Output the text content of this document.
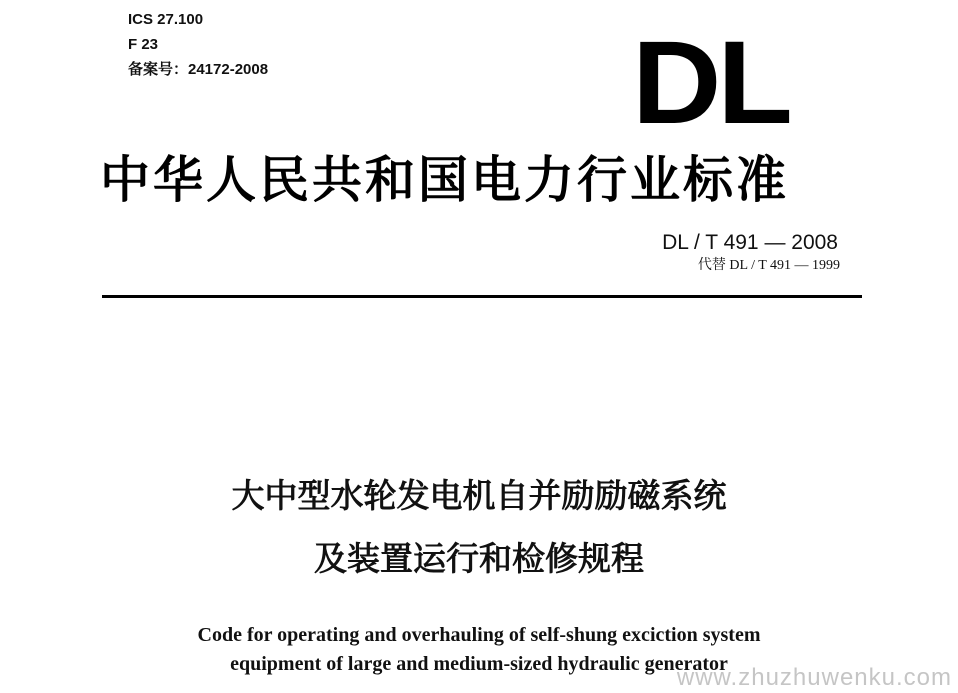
ICS 27.100
F 23
备案号：24172-2008	DL
中华人民共和国电力行业标准
DL / T 491 — 2008
代替 DL / T 491 — 1999
大中型水轮发电机自并励励磁系统
及装置运行和检修规程
Code for operating and overhauling of self-shung exciction system
equipment of large and medium-sized hydraulic generator
www.zhuzhuwenku.com
